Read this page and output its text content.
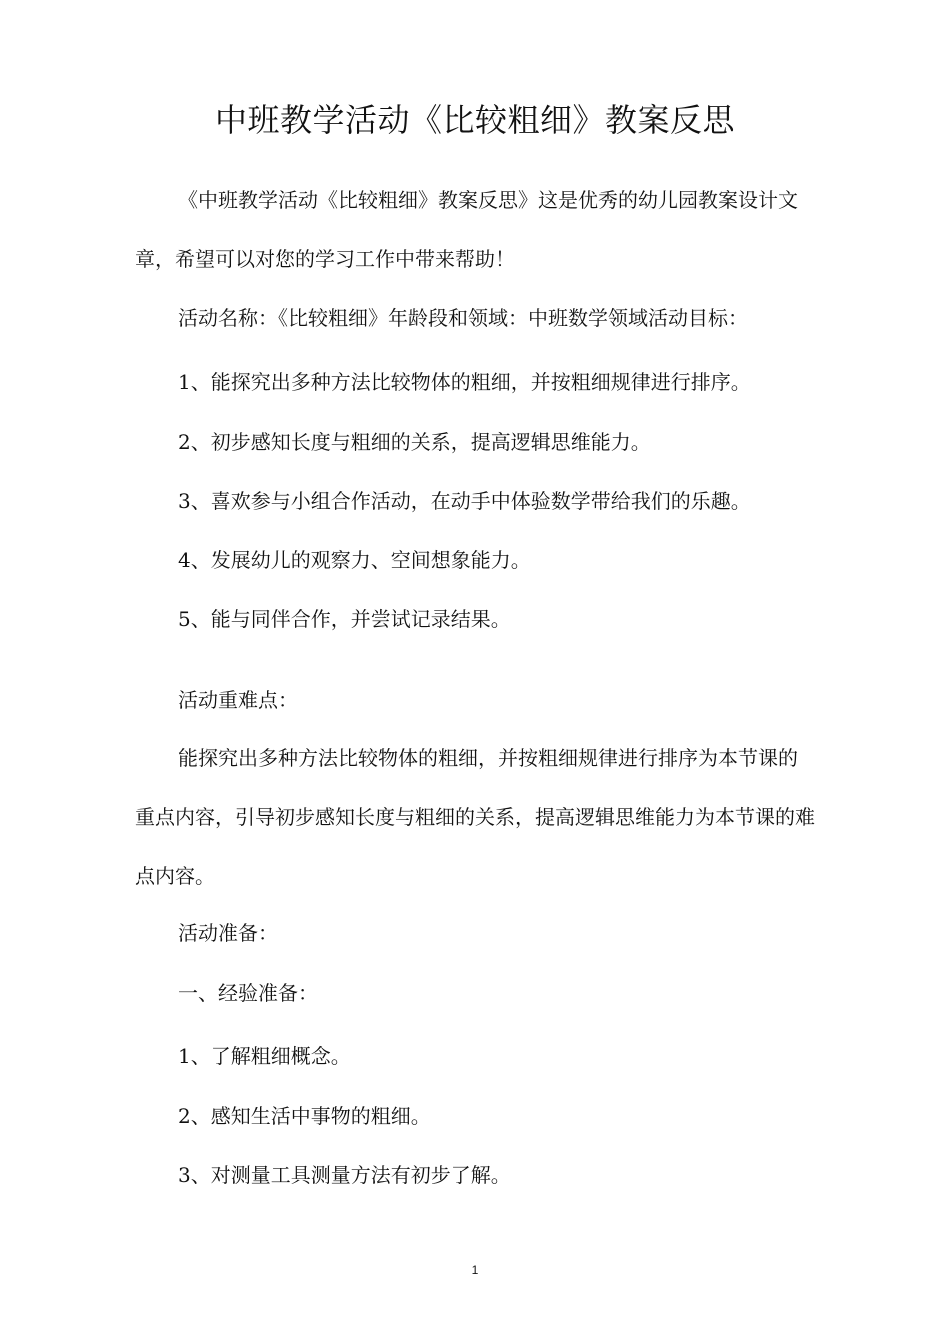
中班教学活动《比较粗细》教案反思

《中班教学活动《比较粗细》教案反思》这是优秀的幼儿园教案设计文章，希望可以对您的学习工作中带来帮助！

活动名称：《比较粗细》年龄段和领域：中班数学领域活动目标：
1、能探究出多种方法比较物体的粗细，并按粗细规律进行排序。
2、初步感知长度与粗细的关系，提高逻辑思维能力。
3、喜欢参与小组合作活动，在动手中体验数学带给我们的乐趣。
4、发展幼儿的观察力、空间想象能力。
5、能与同伴合作，并尝试记录结果。
活动重难点：

能探究出多种方法比较物体的粗细，并按粗细规律进行排序为本节课的重点内容，引导初步感知长度与粗细的关系，提高逻辑思维能力为本节课的难点内容。

活动准备：
一、经验准备：
1、了解粗细概念。
2、感知生活中事物的粗细。
3、对测量工具测量方法有初步了解。
1
